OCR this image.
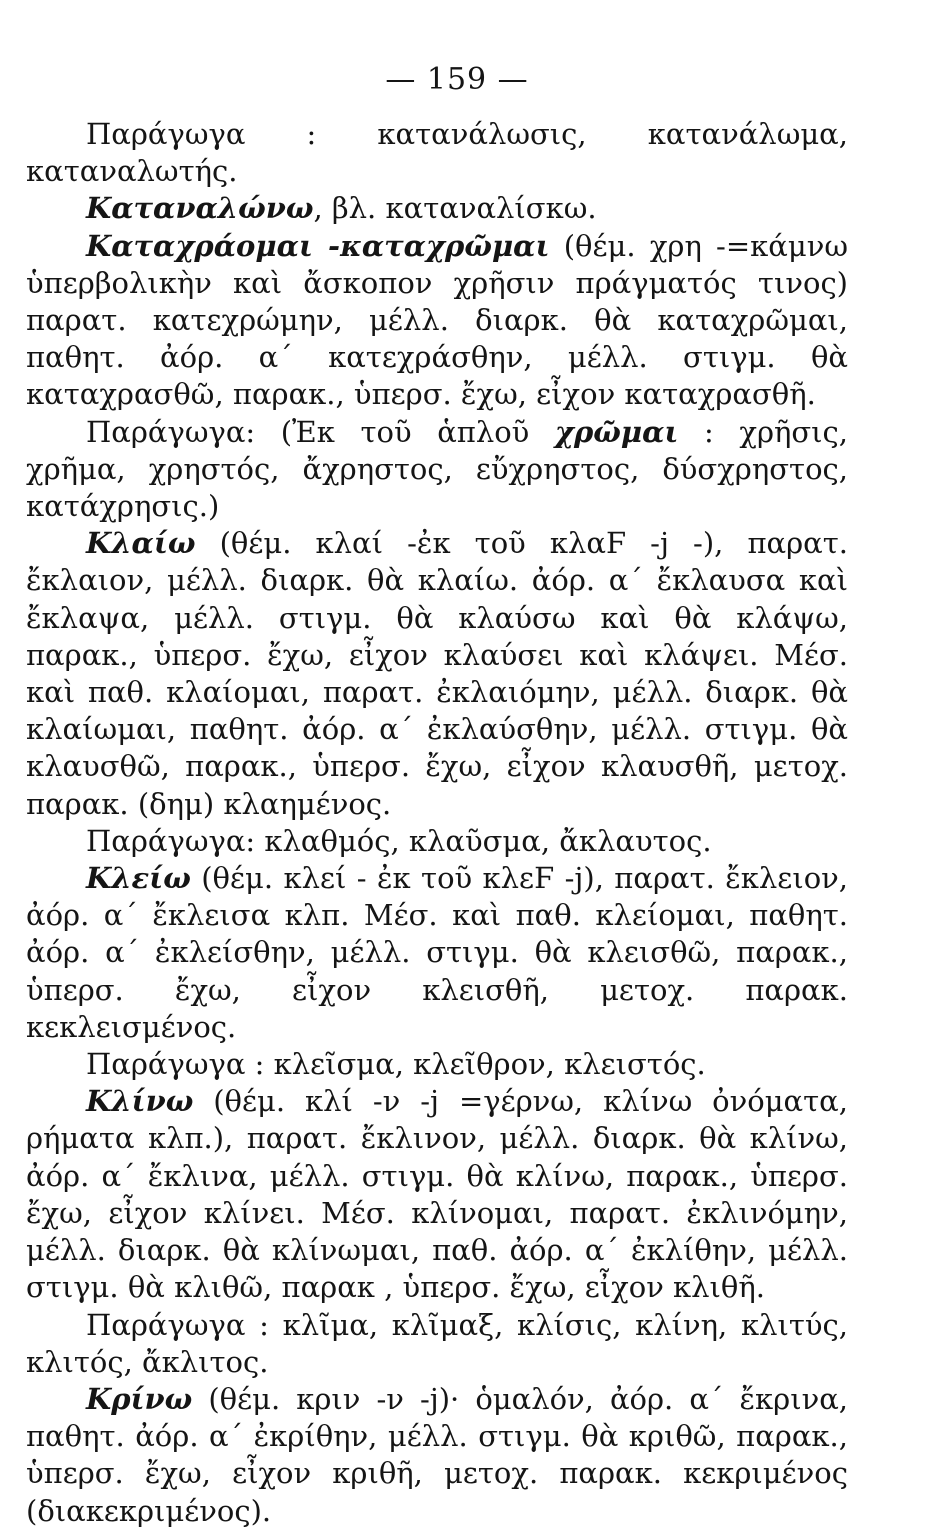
— 159 —

Παράγωγα : κατανάλωσις, κατανάλωμα, καταναλωτής.

Καταναλώνω, βλ. καταναλίσκω.

Καταχράομαι -καταχρῶμαι (θέμ. χρη -=κάμνω ὑπερβολικὴν καὶ ἄσκοπον χρῆσιν πράγματός τινος) παρατ. κατεχρώμην, μέλλ. διαρκ. θὰ καταχρῶμαι, παθητ. ἀόρ. α΄ κατεχράσθην, μέλλ. στιγμ. θὰ καταχρασθῶ, παρακ., ὑπερσ. ἔχω, εἶχον καταχρασθῆ.

Παράγωγα: (Ἐκ τοῦ ἁπλοῦ χρῶμαι : χρῆσις, χρῆμα, χρηστός, ἄχρηστος, εὔχρηστος, δύσχρηστος, κατάχρησις.)

Κλαίω (θέμ. κλαί -ἐκ τοῦ κλαϜ -j -), παρατ. ἔκλαιον, μέλλ. διαρκ. θὰ κλαίω. ἀόρ. α΄ ἔκλαυσα καὶ ἔκλαψα, μέλλ. στιγμ. θὰ κλαύσω καὶ θὰ κλάψω, παρακ., ὑπερσ. ἔχω, εἶχον κλαύσει καὶ κλάψει. Μέσ. καὶ παθ. κλαίομαι, παρατ. ἐκλαιόμην, μέλλ. διαρκ. θὰ κλαίωμαι, παθητ. ἀόρ. α΄ ἐκλαύσθην, μέλλ. στιγμ. θὰ κλαυσθῶ, παρακ., ὑπερσ. ἔχω, εἶχον κλαυσθῆ, μετοχ. παρακ. (δημ) κλαημένος.

Παράγωγα: κλαθμός, κλαῦσμα, ἄκλαυτος.

Κλείω (θέμ. κλεί - ἐκ τοῦ κλεϜ -j), παρατ. ἔκλειον, ἀόρ. α΄ ἔκλεισα κλπ. Μέσ. καὶ παθ. κλείομαι, παθητ. ἀόρ. α΄ ἐκλείσθην, μέλλ. στιγμ. θὰ κλεισθῶ, παρακ., ὑπερσ. ἔχω, εἶχον κλεισθῆ, μετοχ. παρακ. κεκλεισμένος.

Παράγωγα : κλεῖσμα, κλεῖθρον, κλειστός.

Κλίνω (θέμ. κλί -ν -j =γέρνω, κλίνω ὀνόματα, ρήματα κλπ.), παρατ. ἔκλινον, μέλλ. διαρκ. θὰ κλίνω, ἀόρ. α΄ ἔκλινα, μέλλ. στιγμ. θὰ κλίνω, παρακ., ὑπερσ. ἔχω, εἶχον κλίνει. Μέσ. κλίνομαι, παρατ. ἐκλινόμην, μέλλ. διαρκ. θὰ κλίνωμαι, παθ. ἀόρ. α΄ ἐκλίθην, μέλλ. στιγμ. θὰ κλιθῶ, παρακ , ὑπερσ. ἔχω, εἶχον κλιθῆ.

Παράγωγα : κλῖμα, κλῖμαξ, κλίσις, κλίνη, κλιτύς, κλιτός, ἄκλιτος.

Κρίνω (θέμ. κριν -ν -j)· ὁμαλόν, ἀόρ. α΄ ἔκρινα, παθητ. ἀόρ. α΄ ἐκρίθην, μέλλ. στιγμ. θὰ κριθῶ, παρακ., ὑπερσ. ἔχω, εἶχον κριθῆ, μετοχ. παρακ. κεκριμένος (διακεκριμένος).
